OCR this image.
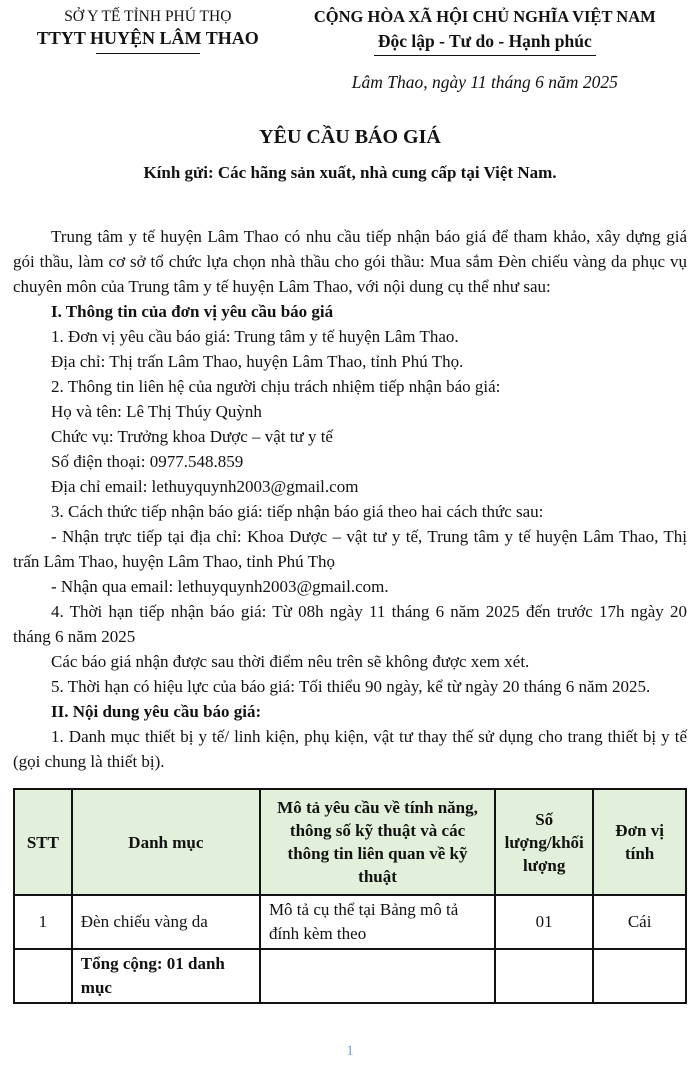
SỞ Y TẾ TỈNH PHÚ THỌ
TTYT HUYỆN LÂM THAO
CỘNG HÒA XÃ HỘI CHỦ NGHĨA VIỆT NAM
Độc lập - Tư do - Hạnh phúc
Lâm Thao, ngày 11 tháng 6 năm 2025
YÊU CẦU BÁO GIÁ
Kính gửi: Các hãng sản xuất, nhà cung cấp tại Việt Nam.

Trung tâm y tế huyện Lâm Thao có nhu cầu tiếp nhận báo giá để tham khảo, xây dựng giá gói thầu, làm cơ sở tổ chức lựa chọn nhà thầu cho gói thầu: Mua sắm Đèn chiếu vàng da phục vụ chuyên môn của Trung tâm y tế huyện Lâm Thao, với nội dung cụ thể như sau:

I. Thông tin của đơn vị yêu cầu báo giá

1. Đơn vị yêu cầu báo giá: Trung tâm y tế huyện Lâm Thao.

Địa chỉ: Thị trấn Lâm Thao, huyện Lâm Thao, tỉnh Phú Thọ.

2. Thông tin liên hệ của người chịu trách nhiệm tiếp nhận báo giá:

Họ và tên: Lê Thị Thúy Quỳnh

Chức vụ: Trưởng khoa Dược – vật tư y tế

Số điện thoại: 0977.548.859

Địa chỉ email: lethuyquynh2003@gmail.com

3. Cách thức tiếp nhận báo giá: tiếp nhận báo giá theo hai cách thức sau:

- Nhận trực tiếp tại địa chỉ: Khoa Dược – vật tư y tế, Trung tâm y tế huyện Lâm Thao, Thị trấn Lâm Thao, huyện Lâm Thao, tỉnh Phú Thọ

- Nhận qua email: lethuyquynh2003@gmail.com.

4. Thời hạn tiếp nhận báo giá: Từ 08h ngày 11 tháng 6 năm 2025 đến trước 17h ngày 20 tháng 6 năm 2025

Các báo giá nhận được sau thời điểm nêu trên sẽ không được xem xét.

5. Thời hạn có hiệu lực của báo giá: Tối thiểu 90 ngày, kể từ ngày 20 tháng 6 năm 2025.

II. Nội dung yêu cầu báo giá:

1. Danh mục thiết bị y tế/ linh kiện, phụ kiện, vật tư thay thế sử dụng cho trang thiết bị y tế (gọi chung là thiết bị).

STT	Danh mục	Mô tả yêu cầu về tính năng, thông số kỹ thuật và các thông tin liên quan về kỹ thuật	Số lượng/khối lượng	Đơn vị tính
1	Đèn chiếu vàng da	Mô tả cụ thể tại Bảng mô tả đính kèm theo	01	Cái
	Tổng cộng: 01 danh mục			
1
